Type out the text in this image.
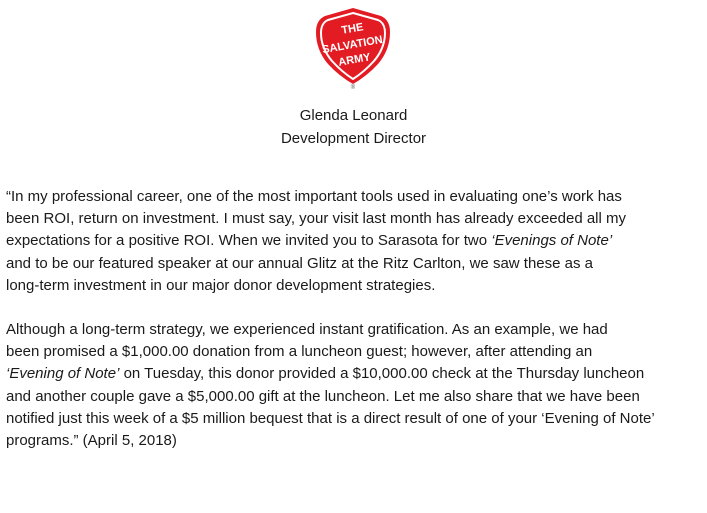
THE
SALVATION
ARMY
®
Glenda Leonard
Development Director

“In my professional career, one of the most important tools used in evaluating one’s work has

been ROI, return on investment. I must say, your visit last month has already exceeded all my

expectations for a positive ROI. When we invited you to Sarasota for two ‘Evenings of Note’

and to be our featured speaker at our annual Glitz at the Ritz Carlton, we saw these as a

long-term investment in our major donor development strategies.

Although a long-term strategy, we experienced instant gratification. As an example, we had

been promised a $1,000.00 donation from a luncheon guest; however, after attending an

‘Evening of Note’ on Tuesday, this donor provided a $10,000.00 check at the Thursday luncheon

and another couple gave a $5,000.00 gift at the luncheon. Let me also share that we have been

notified just this week of a $5 million bequest that is a direct result of one of your ‘Evening of Note’

programs.” (April 5, 2018)
